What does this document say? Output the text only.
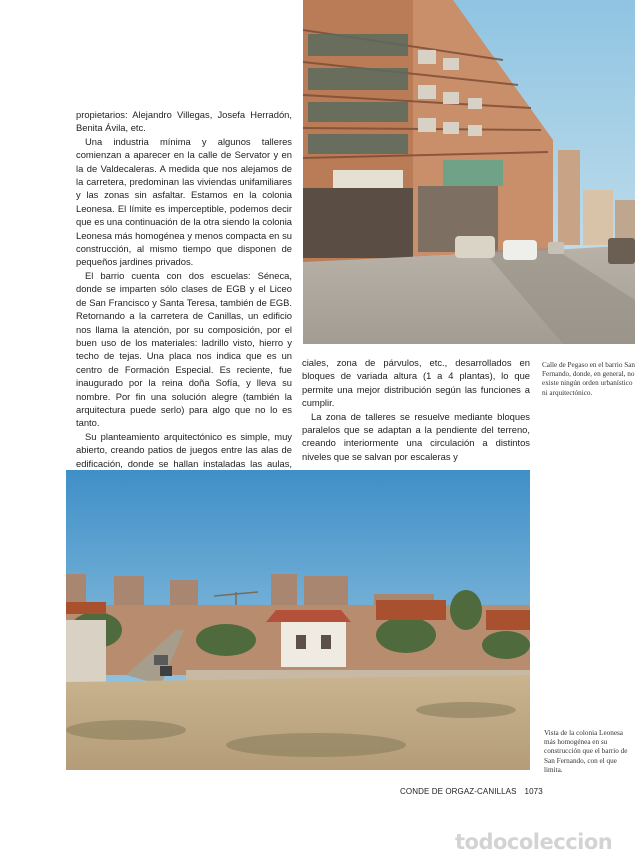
propietarios: Alejandro Villegas, Josefa Herradón, Benita Ávila, etc.

Una industria mínima y algunos talleres comienzan a aparecer en la calle de Servator y en la de Valdecaleras. A medida que nos alejamos de la carretera, predominan las viviendas unifamiliares y las zonas sin asfaltar. Estamos en la colonia Leonesa. El límite es imperceptible, podemos decir que es una continuación de la otra siendo la colonia Leonesa más homogénea y menos compacta en su construcción, al mismo tiempo que disponen de pequeños jardines privados.

El barrio cuenta con dos escuelas: Séneca, donde se imparten sólo clases de EGB y el Liceo de San Francisco y Santa Teresa, también de EGB. Retornando a la carretera de Canillas, un edificio nos llama la atención, por su composición, por el buen uso de los materiales: ladrillo visto, hierro y techo de tejas. Una placa nos indica que es un centro de Formación Especial. Es reciente, fue inaugurado por la reina doña Sofía, y lleva su nombre. Por fin una solución alegre (también la arquitectura puede serlo) para algo que no lo es tanto.

Su planteamiento arquitectónico es simple, muy abierto, creando patios de juegos entre las alas de edificación, donde se hallan instaladas las aulas,

ciales, zona de párvulos, etc., desarrollados en bloques de variada altura (1 a 4 plantas), lo que permite una mejor distribución según las funciones a cumplir.

La zona de talleres se resuelve mediante bloques paralelos que se adaptan a la pendiente del terreno, creando interiormente una circulación a distintos niveles que se salvan por escaleras y

Calle de Pegaso en el barrio San Fernando, donde, en general, no existe ningún orden urbanístico ni arquitectónico.
Vista de la colonia Leonesa más homogénea en su construcción que el barrio de San Fernando, con el que limita.
CONDE DE ORGAZ-CANILLAS 1073
todocoleccion
